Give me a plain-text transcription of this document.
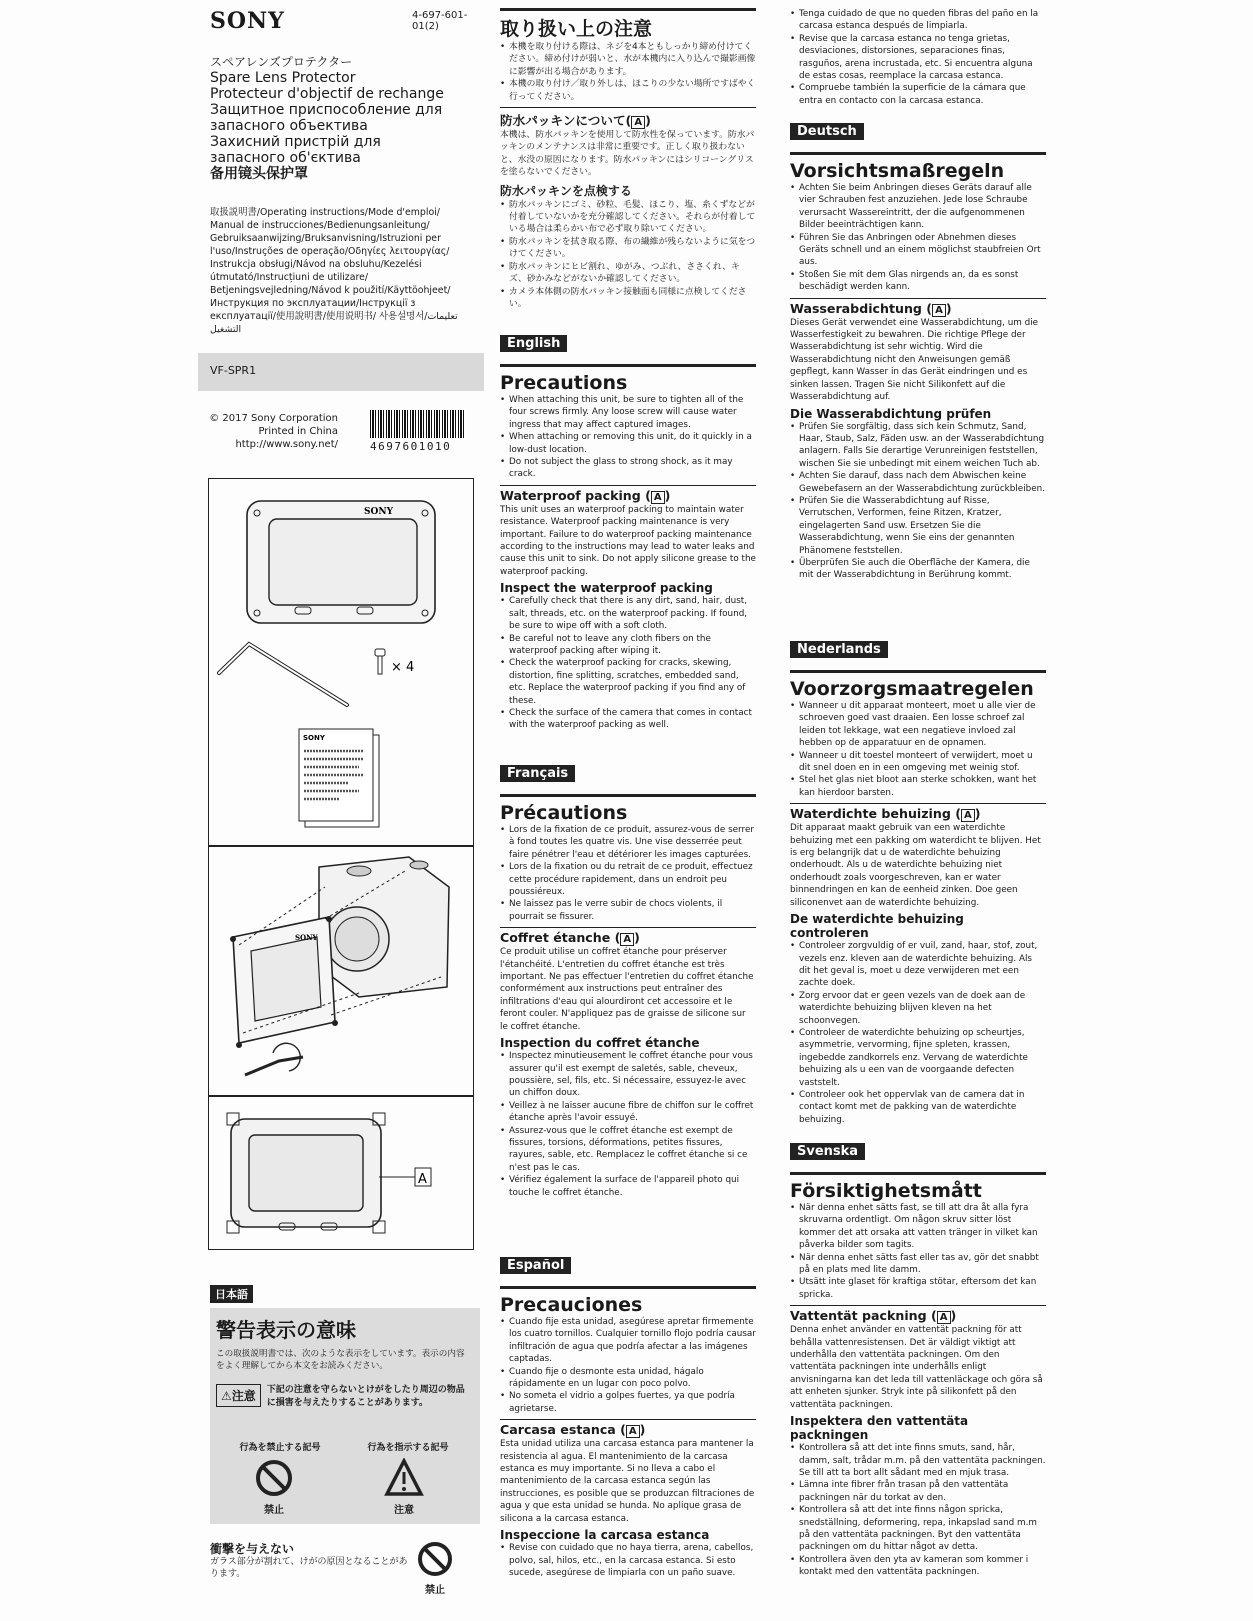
SONY	4-697-601-01(2)
スペアレンズプロテクター
Spare Lens Protector
Protecteur d'objectif de rechange
Защитное приспособление для
запасного объектива
Захисний пристрій для
запасного об'єктива
备用镜头保护罩
取扱説明書/Operating instructions/Mode d'emploi/ Manual de instrucciones/Bedienungsanleitung/ Gebruiksaanwijzing/Bruksanvisning/Istruzioni per l'uso/Instruções de operação/Οδηγίες λειτουργίας/ Instrukcja obsługi/Návod na obsluhu/Kezelési útmutató/Instrucțiuni de utilizare/ Betjeningsvejledning/Návod k použití/Käyttöohjeet/ Инструкция по эксплуатации/Інструкції з експлуатації/使用說明書/使用说明书/ 사용설명서/تعليمات التشغيل
VF-SPR1
© 2017 Sony Corporation
Printed in China
http://www.sony.net/	4697601010
SONY
× 4
SONY
SONY
A
日本語
警告表示の意味
この取扱説明書では、次のような表示をしています。表示の内容をよく理解してから本文をお読みください。
⚠注意	下記の注意を守らないとけがをしたり周辺の物品に損害を与えたりすることがあります。
行為を禁止する記号	行為を指示する記号
禁止	注意
衝撃を与えない
ガラス部分が割れて、けがの原因となることがあります。
禁止
取り扱い上の注意
• 本機を取り付ける際は、ネジを4本ともしっかり締め付けてください。締め付けが弱いと、水が本機内に入り込んで撮影画像に影響が出る場合があります。
• 本機の取り付け／取り外しは、ほこりの少ない場所ですばやく行ってください。
防水パッキンについて( A )
本機は、防水パッキンを使用して防水性を保っています。防水パッキンのメンテナンスは非常に重要です。正しく取り扱わないと、水没の原因になります。防水パッキンにはシリコーングリスを塗らないでください。
防水パッキンを点検する
• 防水パッキンにゴミ、砂粒、毛髪、ほこり、塩、糸くずなどが付着していないかを充分確認してください。それらが付着している場合は柔らかい布で必ず取り除いてください。
• 防水パッキンを拭き取る際、布の繊維が残らないように気をつけてください。
• 防水パッキンにヒビ割れ、ゆがみ、つぶれ、ささくれ、キズ、砂かみなどがないか確認してください。
• カメラ本体側の防水パッキン接触面も同様に点検してください。
English
Precautions
• When attaching this unit, be sure to tighten all of the four screws firmly. Any loose screw will cause water ingress that may affect captured images.
• When attaching or removing this unit, do it quickly in a low-dust location.
• Do not subject the glass to strong shock, as it may crack.
Waterproof packing ( A )
This unit uses an waterproof packing to maintain water resistance. Waterproof packing maintenance is very important. Failure to do waterproof packing maintenance according to the instructions may lead to water leaks and cause this unit to sink. Do not apply silicone grease to the waterproof packing.
Inspect the waterproof packing
• Carefully check that there is any dirt, sand, hair, dust, salt, threads, etc. on the waterproof packing. If found, be sure to wipe off with a soft cloth.
• Be careful not to leave any cloth fibers on the waterproof packing after wiping it.
• Check the waterproof packing for cracks, skewing, distortion, fine splitting, scratches, embedded sand, etc. Replace the waterproof packing if you find any of these.
• Check the surface of the camera that comes in contact with the waterproof packing as well.
Français
Précautions
• Lors de la fixation de ce produit, assurez-vous de serrer à fond toutes les quatre vis. Une vise desserrée peut faire pénétrer l'eau et détériorer les images capturées.
• Lors de la fixation ou du retrait de ce produit, effectuez cette procédure rapidement, dans un endroit peu poussiéreux.
• Ne laissez pas le verre subir de chocs violents, il pourrait se fissurer.
Coffret étanche ( A )
Ce produit utilise un coffret étanche pour préserver l'étanchéité. L'entretien du coffret étanche est très important. Ne pas effectuer l'entretien du coffret étanche conformément aux instructions peut entraîner des infiltrations d'eau qui alourdiront cet accessoire et le feront couler. N'appliquez pas de graisse de silicone sur le coffret étanche.
Inspection du coffret étanche
• Inspectez minutieusement le coffret étanche pour vous assurer qu'il est exempt de saletés, sable, cheveux, poussière, sel, fils, etc. Si nécessaire, essuyez-le avec un chiffon doux.
• Veillez à ne laisser aucune fibre de chiffon sur le coffret étanche après l'avoir essuyé.
• Assurez-vous que le coffret étanche est exempt de fissures, torsions, déformations, petites fissures, rayures, sable, etc. Remplacez le coffret étanche si ce n'est pas le cas.
• Vérifiez également la surface de l'appareil photo qui touche le coffret étanche.
Español
Precauciones
• Cuando fije esta unidad, asegúrese apretar firmemente los cuatro tornillos. Cualquier tornillo flojo podría causar infiltración de agua que podría afectar a las imágenes captadas.
• Cuando fije o desmonte esta unidad, hágalo rápidamente en un lugar con poco polvo.
• No someta el vidrio a golpes fuertes, ya que podría agrietarse.
Carcasa estanca ( A )
Esta unidad utiliza una carcasa estanca para mantener la resistencia al agua. El mantenimiento de la carcasa estanca es muy importante. Si no lleva a cabo el mantenimiento de la carcasa estanca según las instrucciones, es posible que se produzcan filtraciones de agua y que esta unidad se hunda. No aplique grasa de silicona a la carcasa estanca.
Inspeccione la carcasa estanca
• Revise con cuidado que no haya tierra, arena, cabellos, polvo, sal, hilos, etc., en la carcasa estanca. Si esto sucede, asegúrese de limpiarla con un paño suave.
• Tenga cuidado de que no queden fibras del paño en la carcasa estanca después de limpiarla.
• Revise que la carcasa estanca no tenga grietas, desviaciones, distorsiones, separaciones finas, rasguños, arena incrustada, etc. Si encuentra alguna de estas cosas, reemplace la carcasa estanca.
• Compruebe también la superficie de la cámara que entra en contacto con la carcasa estanca.
Deutsch
Vorsichtsmaßregeln
• Achten Sie beim Anbringen dieses Geräts darauf alle vier Schrauben fest anzuziehen. Jede lose Schraube verursacht Wassereintritt, der die aufgenommenen Bilder beeinträchtigen kann.
• Führen Sie das Anbringen oder Abnehmen dieses Geräts schnell und an einem möglichst staubfreien Ort aus.
• Stoßen Sie mit dem Glas nirgends an, da es sonst beschädigt werden kann.
Wasserabdichtung ( A )
Dieses Gerät verwendet eine Wasserabdichtung, um die Wasserfestigkeit zu bewahren. Die richtige Pflege der Wasserabdichtung ist sehr wichtig. Wird die Wasserabdichtung nicht den Anweisungen gemäß gepflegt, kann Wasser in das Gerät eindringen und es sinken lassen. Tragen Sie nicht Silikonfett auf die Wasserabdichtung auf.
Die Wasserabdichtung prüfen
• Prüfen Sie sorgfältig, dass sich kein Schmutz, Sand, Haar, Staub, Salz, Fäden usw. an der Wasserabdichtung anlagern. Falls Sie derartige Verunreinigen feststellen, wischen Sie sie unbedingt mit einem weichen Tuch ab.
• Achten Sie darauf, dass nach dem Abwischen keine Gewebefasern an der Wasserabdichtung zurückbleiben.
• Prüfen Sie die Wasserabdichtung auf Risse, Verrutschen, Verformen, feine Ritzen, Kratzer, eingelagerten Sand usw. Ersetzen Sie die Wasserabdichtung, wenn Sie eins der genannten Phänomene feststellen.
• Überprüfen Sie auch die Oberfläche der Kamera, die mit der Wasserabdichtung in Berührung kommt.
Nederlands
Voorzorgsmaatregelen
• Wanneer u dit apparaat monteert, moet u alle vier de schroeven goed vast draaien. Een losse schroef zal leiden tot lekkage, wat een negatieve invloed zal hebben op de apparatuur en de opnamen.
• Wanneer u dit toestel monteert of verwijdert, moet u dit snel doen en in een omgeving met weinig stof.
• Stel het glas niet bloot aan sterke schokken, want het kan hierdoor barsten.
Waterdichte behuizing ( A )
Dit apparaat maakt gebruik van een waterdichte behuizing met een pakking om waterdicht te blijven. Het is erg belangrijk dat u de waterdichte behuizing onderhoudt. Als u de waterdichte behuizing niet onderhoudt zoals voorgeschreven, kan er water binnendringen en kan de eenheid zinken. Doe geen siliconenvet aan de waterdichte behuizing.
De waterdichte behuizing controleren
• Controleer zorgvuldig of er vuil, zand, haar, stof, zout, vezels enz. kleven aan de waterdichte behuizing. Als dit het geval is, moet u deze verwijderen met een zachte doek.
• Zorg ervoor dat er geen vezels van de doek aan de waterdichte behuizing blijven kleven na het schoonvegen.
• Controleer de waterdichte behuizing op scheurtjes, asymmetrie, vervorming, fijne spleten, krassen, ingebedde zandkorrels enz. Vervang de waterdichte behuizing als u een van de voorgaande defecten vaststelt.
• Controleer ook het oppervlak van de camera dat in contact komt met de pakking van de waterdichte behuizing.
Svenska
Försiktighetsmått
• När denna enhet sätts fast, se till att dra åt alla fyra skruvarna ordentligt. Om någon skruv sitter löst kommer det att orsaka att vatten tränger in vilket kan påverka bilder som tagits.
• När denna enhet sätts fast eller tas av, gör det snabbt på en plats med lite damm.
• Utsätt inte glaset för kraftiga stötar, eftersom det kan spricka.
Vattentät packning ( A )
Denna enhet använder en vattentät packning för att behålla vattenresistensen. Det är väldigt viktigt att underhålla den vattentäta packningen. Om den vattentäta packningen inte underhålls enligt anvisningarna kan det leda till vattenläckage och göra så att enheten sjunker. Stryk inte på silikonfett på den vattentäta packningen.
Inspektera den vattentäta packningen
• Kontrollera så att det inte finns smuts, sand, hår, damm, salt, trådar m.m. på den vattentäta packningen. Se till att ta bort allt sådant med en mjuk trasa.
• Lämna inte fibrer från trasan på den vattentäta packningen när du torkat av den.
• Kontrollera så att det inte finns någon spricka, snedställning, deformering, repa, inkapslad sand m.m på den vattentäta packningen. Byt den vattentäta packningen om du hittar något av detta.
• Kontrollera även den yta av kameran som kommer i kontakt med den vattentäta packningen.
